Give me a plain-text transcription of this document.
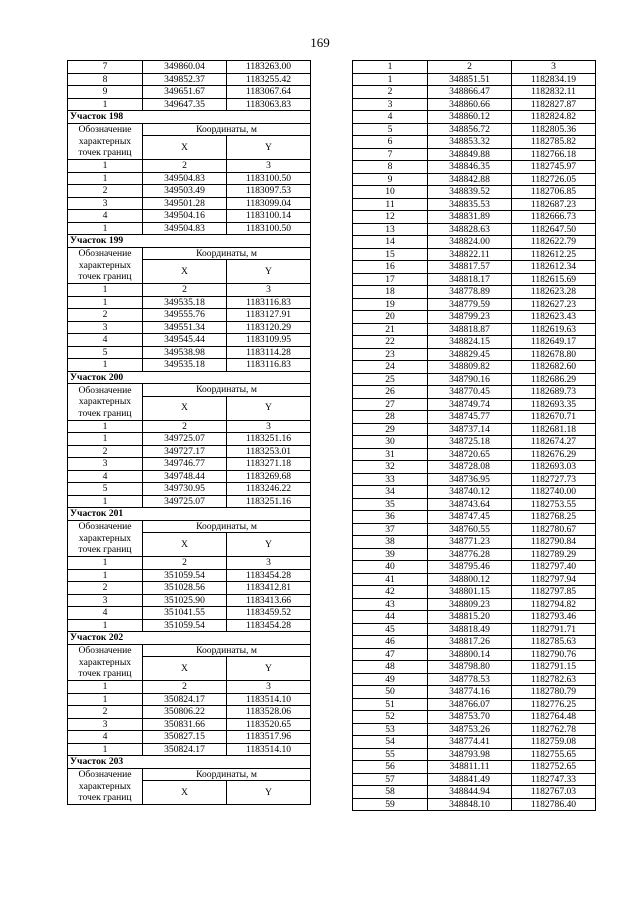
169
7	349860.04	1183263.00
8	349852.37	1183255.42
9	349651.67	1183067.64
1	349647.35	1183063.83
Участок 198		
Обозначение характерных точек границ	Координаты, м	
	X	Y
1	2	3
1	349504.83	1183100.50
2	349503.49	1183097.53
3	349501.28	1183099.04
4	349504.16	1183100.14
1	349504.83	1183100.50
Участок 199		
Обозначение характерных точек границ	Координаты, м	
	X	Y
1	2	3
1	349535.18	1183116.83
2	349555.76	1183127.91
3	349551.34	1183120.29
4	349545.44	1183109.95
5	349538.98	1183114.28
1	349535.18	1183116.83
Участок 200		
Обозначение характерных точек границ	Координаты, м	
	X	Y
1	2	3
1	349725.07	1183251.16
2	349727.17	1183253.01
3	349746.77	1183271.18
4	349748.44	1183269.68
5	349730.95	1183246.22
1	349725.07	1183251.16
Участок 201		
Обозначение характерных точек границ	Координаты, м	
	X	Y
1	2	3
1	351059.54	1183454.28
2	351028.56	1183412.81
3	351025.90	1183413.66
4	351041.55	1183459.52
1	351059.54	1183454.28
Участок 202		
Обозначение характерных точек границ	Координаты, м	
	X	Y
1	2	3
1	350824.17	1183514.10
2	350806.22	1183528.06
3	350831.66	1183520.65
4	350827.15	1183517.96
1	350824.17	1183514.10
Участок 203		
Обозначение характерных точек границ	Координаты, м	
	X	Y
1	2	3
1	348851.51	1182834.19
2	348866.47	1182832.11
3	348860.66	1182827.87
4	348860.12	1182824.82
5	348856.72	1182805.36
6	348853.32	1182785.82
7	348849.88	1182766.18
8	348846.35	1182745.97
9	348842.88	1182726.05
10	348839.52	1182706.85
11	348835.53	1182687.23
12	348831.89	1182666.73
13	348828.63	1182647.50
14	348824.00	1182622.79
15	348822.11	1182612.25
16	348817.57	1182612.34
17	348818.17	1182615.69
18	348778.89	1182623.28
19	348779.59	1182627.23
20	348799.23	1182623.43
21	348818.87	1182619.63
22	348824.15	1182649.17
23	348829.45	1182678.80
24	348809.82	1182682.60
25	348790.16	1182686.29
26	348770.45	1182689.73
27	348749.74	1182693.35
28	348745.77	1182670.71
29	348737.14	1182681.18
30	348725.18	1182674.27
31	348720.65	1182676.29
32	348728.08	1182693.03
33	348736.95	1182727.73
34	348740.12	1182740.00
35	348743.64	1182753.55
36	348747.45	1182768.25
37	348760.55	1182780.67
38	348771.23	1182790.84
39	348776.28	1182789.29
40	348795.46	1182797.40
41	348800.12	1182797.94
42	348801.15	1182797.85
43	348809.23	1182794.82
44	348815.20	1182793.46
45	348818.49	1182791.71
46	348817.26	1182785.63
47	348800.14	1182790.76
48	348798.80	1182791.15
49	348778.53	1182782.63
50	348774.16	1182780.79
51	348766.07	1182776.25
52	348753.70	1182764.48
53	348753.26	1182762.78
54	348774.41	1182759.08
55	348793.98	1182755.65
56	348811.11	1182752.65
57	348841.49	1182747.33
58	348844.94	1182767.03
59	348848.10	1182786.40
